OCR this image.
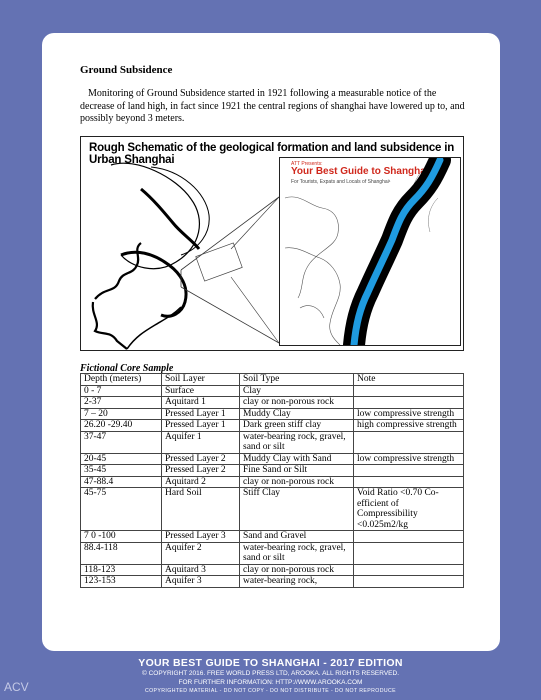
Ground Subsidence
Monitoring of Ground Subsidence started in 1921 following a measurable notice of the decrease of land high, in fact since 1921 the central regions of shanghai have lowered up to, and possibly beyond 3 meters.
Rough Schematic of the geological formation and land subsidence in Urban Shanghai	ATT Presents:
Your Best Guide to Shanghai
For Tourists, Expats and Locals of Shanghai¹
Fictional Core Sample
Depth (meters)	Soil Layer	Soil Type	Note
0 - 7	Surface	Clay	
2-37	Aquitard 1	clay or non-porous rock	
7 – 20	Pressed Layer 1	Muddy Clay	low compressive strength
26.20 -29.40	Pressed Layer 1	Dark green stiff clay	high compressive strength
37-47	Aquifer 1	water-bearing rock, gravel, sand or silt	
20-45	Pressed Layer 2	Muddy Clay with Sand	low compressive strength
35-45	Pressed Layer 2	Fine Sand or Silt	
47-88.4	Aquitard 2	clay or non-porous rock	
45-75	Hard Soil	Stiff Clay	Void Ratio <0.70 Co-efficient of Compressibility <0.025m2/kg
7 0 -100	Pressed Layer 3	Sand and Gravel	
88.4-118	Aquifer 2	water-bearing rock, gravel, sand or silt	
118-123	Aquitard 3	clay or non-porous rock	
123-153	Aquifer 3	water-bearing rock,	
YOUR BEST GUIDE TO SHANGHAI - 2017 EDITION
© COPYRIGHT 2016. FREE WORLD PRESS LTD, AROOKA. ALL RIGHTS RESERVED.
FOR FURTHER INFORMATION: HTTP://WWW.AROOKA.COM
COPYRIGHTED MATERIAL - DO NOT COPY - DO NOT DISTRIBUTE - DO NOT REPRODUCE
ACV
